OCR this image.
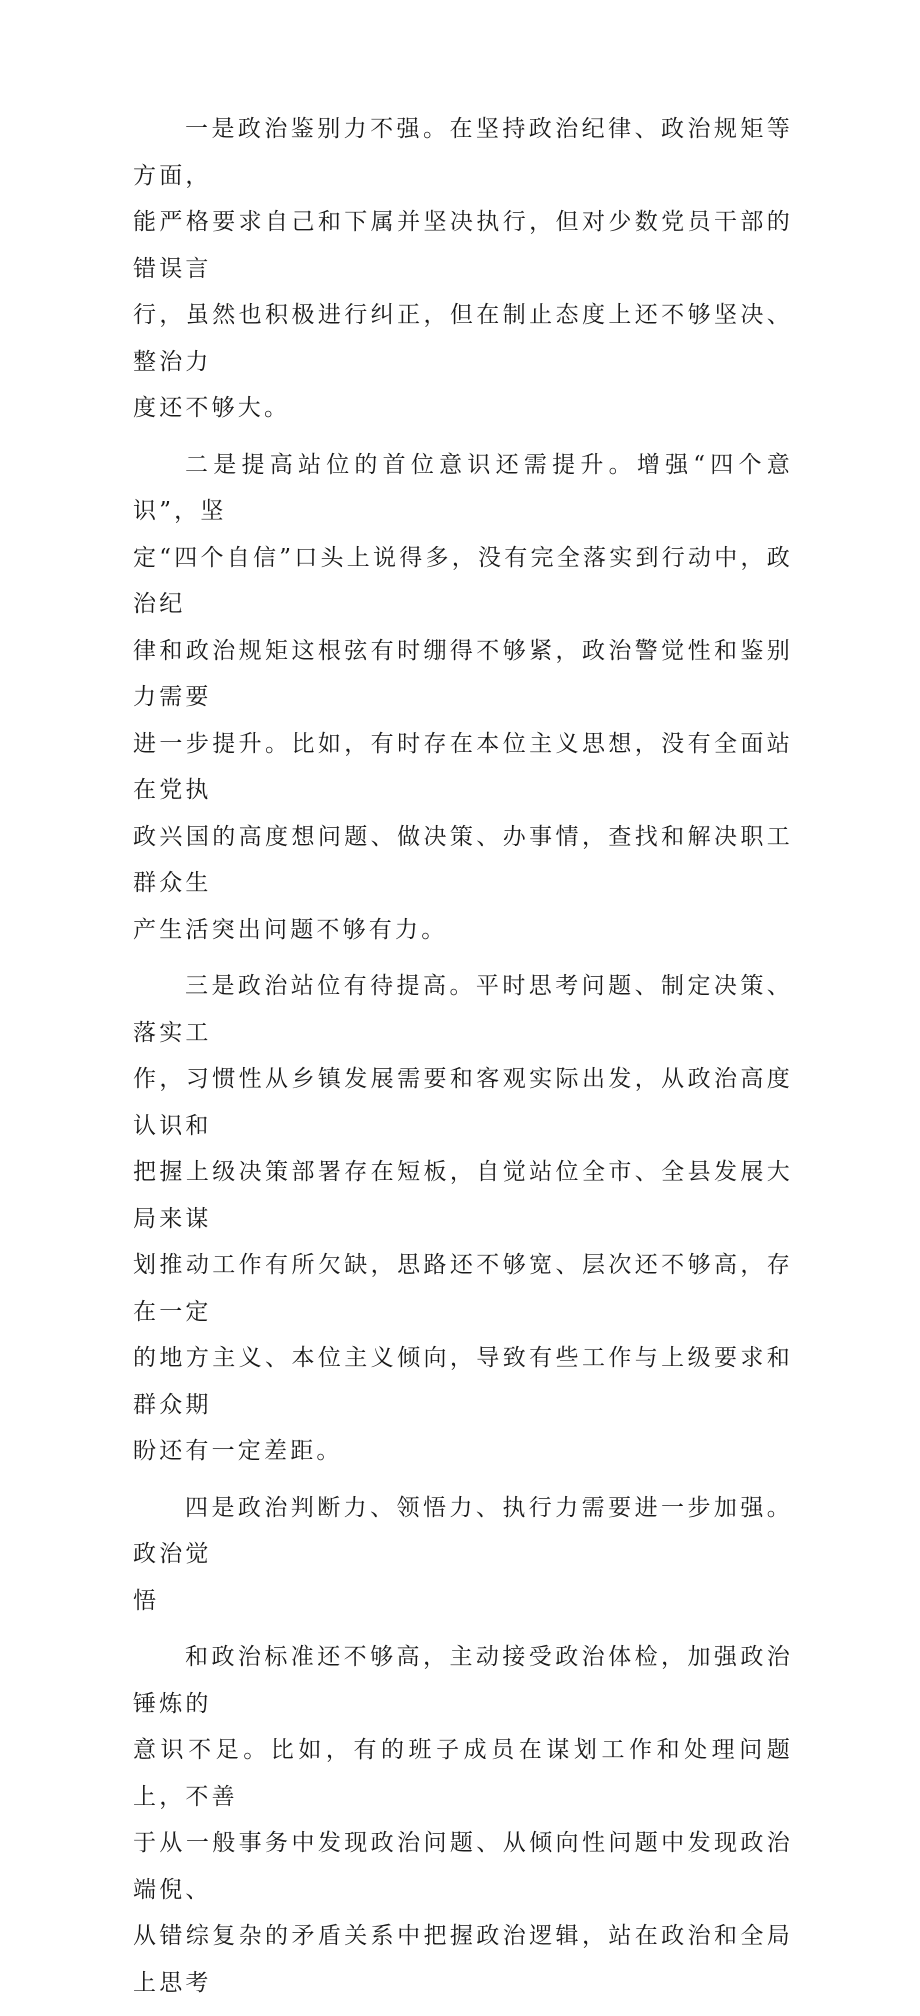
一是政治鉴别力不强。在坚持政治纪律、政治规矩等方面，
能严格要求自己和下属并坚决执行，但对少数党员干部的错误言
行，虽然也积极进行纠正，但在制止态度上还不够坚决、整治力
度还不够大。

二是提高站位的首位意识还需提升。增强“四个意识”，坚
定“四个自信”口头上说得多，没有完全落实到行动中，政治纪
律和政治规矩这根弦有时绷得不够紧，政治警觉性和鉴别力需要
进一步提升。比如，有时存在本位主义思想，没有全面站在党执
政兴国的高度想问题、做决策、办事情，查找和解决职工群众生
产生活突出问题不够有力。

三是政治站位有待提高。平时思考问题、制定决策、落实工
作，习惯性从乡镇发展需要和客观实际出发，从政治高度认识和
把握上级决策部署存在短板，自觉站位全市、全县发展大局来谋
划推动工作有所欠缺，思路还不够宽、层次还不够高，存在一定
的地方主义、本位主义倾向，导致有些工作与上级要求和群众期
盼还有一定差距。

四是政治判断力、领悟力、执行力需要进一步加强。政治觉
悟

和政治标准还不够高，主动接受政治体检，加强政治锤炼的
意识不足。比如，有的班子成员在谋划工作和处理问题上，不善
于从一般事务中发现政治问题、从倾向性问题中发现政治端倪、
从错综复杂的矛盾关系中把握政治逻辑，站在政治和全局上思考
